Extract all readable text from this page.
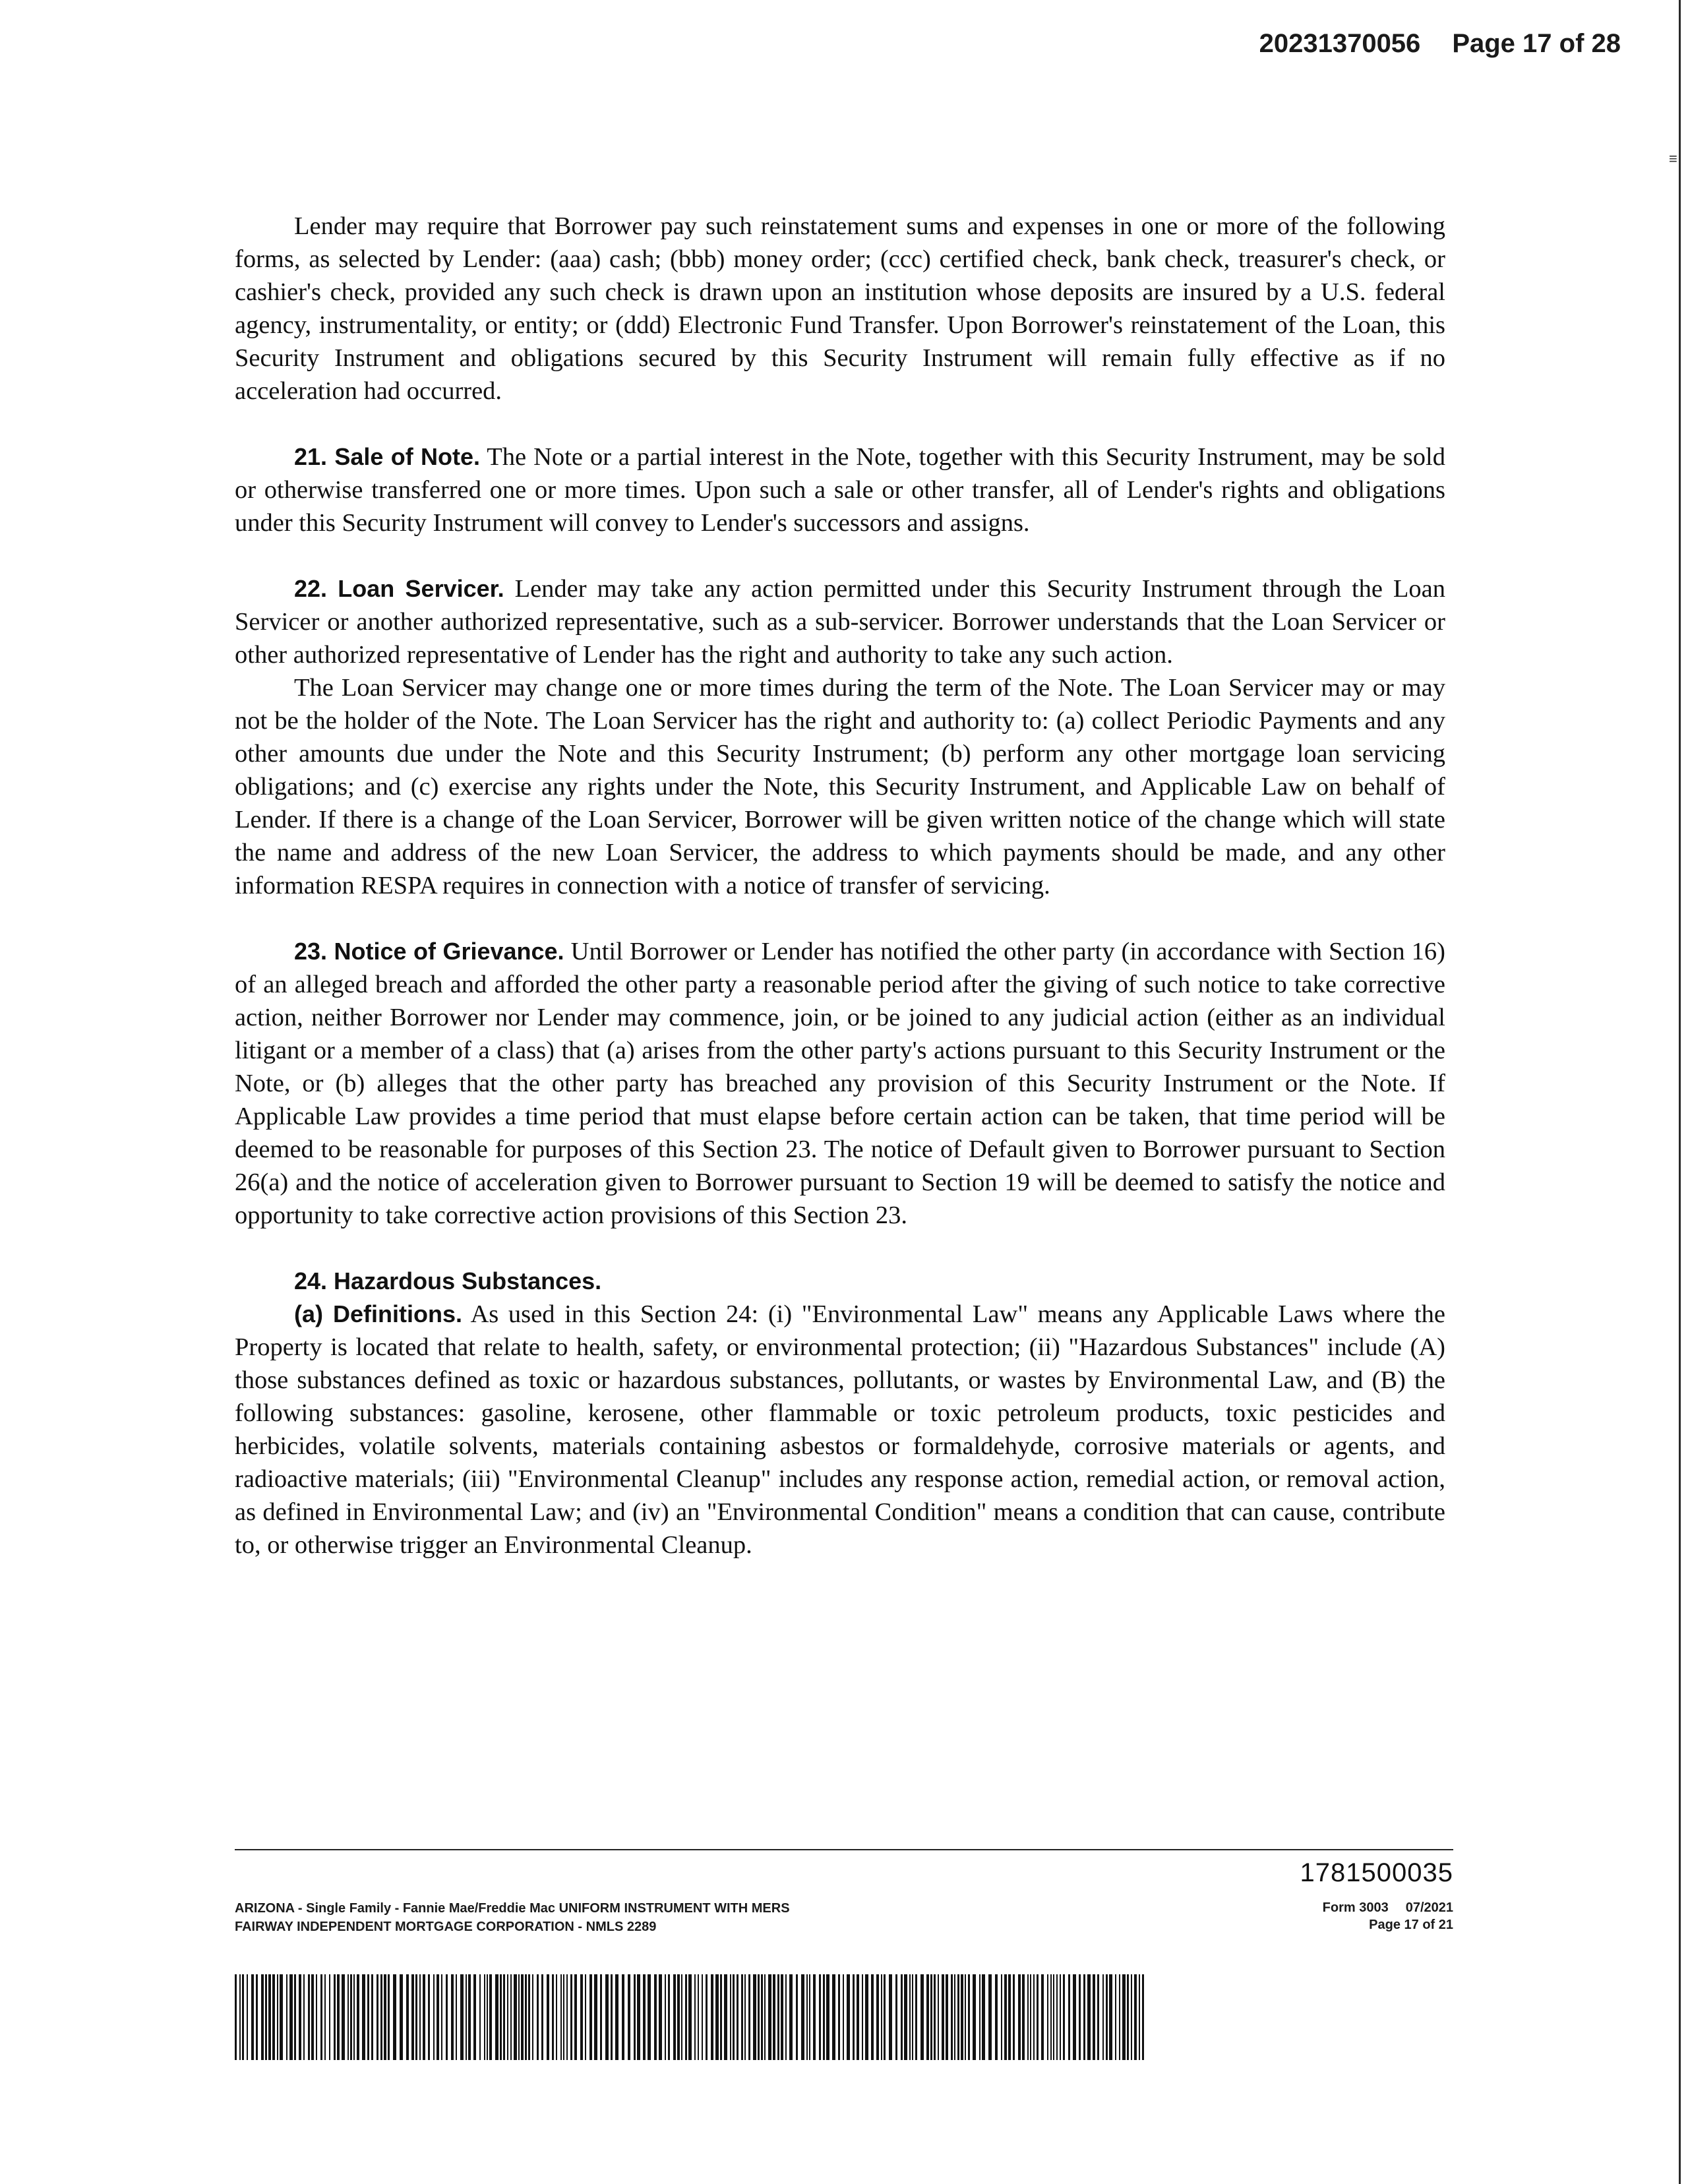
20231370056 Page 17 of 28
≡

Lender may require that Borrower pay such reinstatement sums and expenses in one or more of the following forms, as selected by Lender: (aaa) cash; (bbb) money order; (ccc) certified check, bank check, treasurer's check, or cashier's check, provided any such check is drawn upon an institution whose deposits are insured by a U.S. federal agency, instrumentality, or entity; or (ddd) Electronic Fund Transfer. Upon Borrower's reinstatement of the Loan, this Security Instrument and obligations secured by this Security Instrument will remain fully effective as if no acceleration had occurred.

21. Sale of Note. The Note or a partial interest in the Note, together with this Security Instrument, may be sold or otherwise transferred one or more times. Upon such a sale or other transfer, all of Lender's rights and obligations under this Security Instrument will convey to Lender's successors and assigns.

22. Loan Servicer. Lender may take any action permitted under this Security Instrument through the Loan Servicer or another authorized representative, such as a sub-servicer. Borrower understands that the Loan Servicer or other authorized representative of Lender has the right and authority to take any such action.

The Loan Servicer may change one or more times during the term of the Note. The Loan Servicer may or may not be the holder of the Note. The Loan Servicer has the right and authority to: (a) collect Periodic Payments and any other amounts due under the Note and this Security Instrument; (b) perform any other mortgage loan servicing obligations; and (c) exercise any rights under the Note, this Security Instrument, and Applicable Law on behalf of Lender. If there is a change of the Loan Servicer, Borrower will be given written notice of the change which will state the name and address of the new Loan Servicer, the address to which payments should be made, and any other information RESPA requires in connection with a notice of transfer of servicing.

23. Notice of Grievance. Until Borrower or Lender has notified the other party (in accordance with Section 16) of an alleged breach and afforded the other party a reasonable period after the giving of such notice to take corrective action, neither Borrower nor Lender may commence, join, or be joined to any judicial action (either as an individual litigant or a member of a class) that (a) arises from the other party's actions pursuant to this Security Instrument or the Note, or (b) alleges that the other party has breached any provision of this Security Instrument or the Note. If Applicable Law provides a time period that must elapse before certain action can be taken, that time period will be deemed to be reasonable for purposes of this Section 23. The notice of Default given to Borrower pursuant to Section 26(a) and the notice of acceleration given to Borrower pursuant to Section 19 will be deemed to satisfy the notice and opportunity to take corrective action provisions of this Section 23.

24. Hazardous Substances.

(a) Definitions. As used in this Section 24: (i) "Environmental Law" means any Applicable Laws where the Property is located that relate to health, safety, or environmental protection; (ii) "Hazardous Substances" include (A) those substances defined as toxic or hazardous substances, pollutants, or wastes by Environmental Law, and (B) the following substances: gasoline, kerosene, other flammable or toxic petroleum products, toxic pesticides and herbicides, volatile solvents, materials containing asbestos or formaldehyde, corrosive materials or agents, and radioactive materials; (iii) "Environmental Cleanup" includes any response action, remedial action, or removal action, as defined in Environmental Law; and (iv) an "Environmental Condition" means a condition that can cause, contribute to, or otherwise trigger an Environmental Cleanup.

1781500035
ARIZONA - Single Family - Fannie Mae/Freddie Mac UNIFORM INSTRUMENT WITH MERS
FAIRWAY INDEPENDENT MORTGAGE CORPORATION - NMLS 2289
Form 3003 07/2021
Page 17 of 21
